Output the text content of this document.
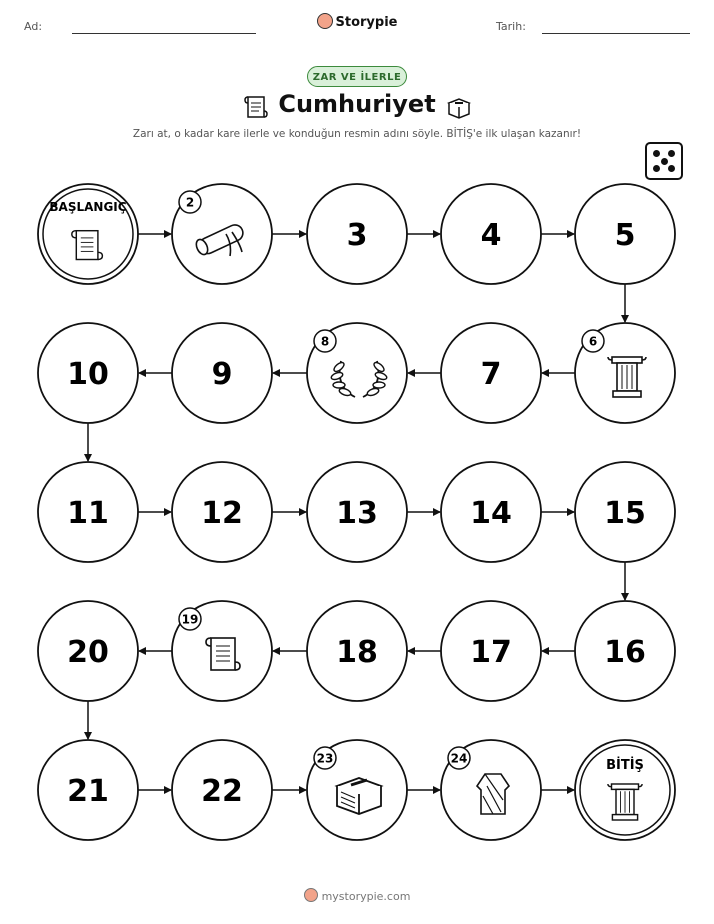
Ad:	Storypie	Tarih:
ZAR VE İLERLE
Cumhuriyet
Zarı at, o kadar kare ilerle ve konduğun resmin adını söyle. BİTİŞ'e ilk ulaşan kazanır!
BAŞLANGIÇ	2
3	4	5
6
7
8
9
10
11	12	13	14	15
16
17
18
19
20
21	22
23	24	BİTİŞ
mystorypie.com
